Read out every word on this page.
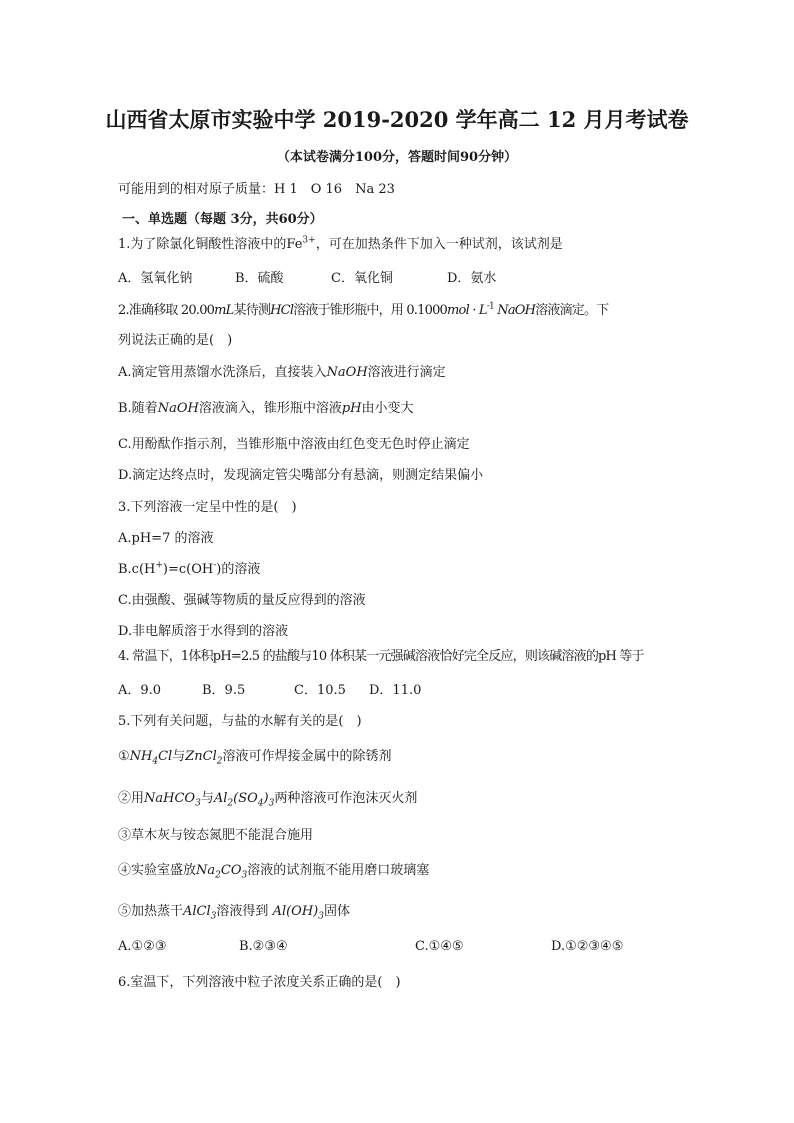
山西省太原市实验中学 2019-2020 学年高二 12 月月考试卷
（本试卷满分100分，答题时间90分钟）
可能用到的相对原子质量：H 1　O 16　Na 23
一、单选题（每题 3分，共60分）
1.为了除氯化铜酸性溶液中的$Fe^{3+}$，可在加热条件下加入一种试剂，该试剂是
A．氢氧化钠	B．硫酸	C．氧化铜	D．氨水
2.准确移取 20.00mL某待测HCl溶液于锥形瓶中，用 $0.1000mol \cdot L^{-1}$ NaOH溶液滴定。下
列说法正确的是(　)
A.滴定管用蒸馏水洗涤后，直接装入NaOH溶液进行滴定
B.随着NaOH溶液滴入，锥形瓶中溶液pH由小变大
C.用酚酞作指示剂，当锥形瓶中溶液由红色变无色时停止滴定
D.滴定达终点时，发现滴定管尖嘴部分有悬滴，则测定结果偏小
3.下列溶液一定呈中性的是(　)
A.pH=7 的溶液
B.c(H+)=c(OH-)的溶液
C.由强酸、强碱等物质的量反应得到的溶液
D.非电解质溶于水得到的溶液
4. 常温下，1体积pH=2.5 的盐酸与10 体积某一元强碱溶液恰好完全反应，则该碱溶液的pH 等于
A．9.0	B．9.5	C．10.5 D．11.0
5.下列有关问题，与盐的水解有关的是(　)
$①NH_4Cl$与ZnCl$_2$溶液可作焊接金属中的除锈剂
②用NaHCO$_3$与$Al_2(SO_4)_3$两种溶液可作泡沫灭火剂
③草木灰与铵态氮肥不能混合施用
④实验室盛放$Na_2CO_3$溶液的试剂瓶不能用磨口玻璃塞
⑤加热蒸干AlCl$_3$溶液得到 $Al(OH)_3$固体
A.①②③	B.②③④	C.①④⑤	D.①②③④⑤
6.室温下，下列溶液中粒子浓度关系正确的是(　)
